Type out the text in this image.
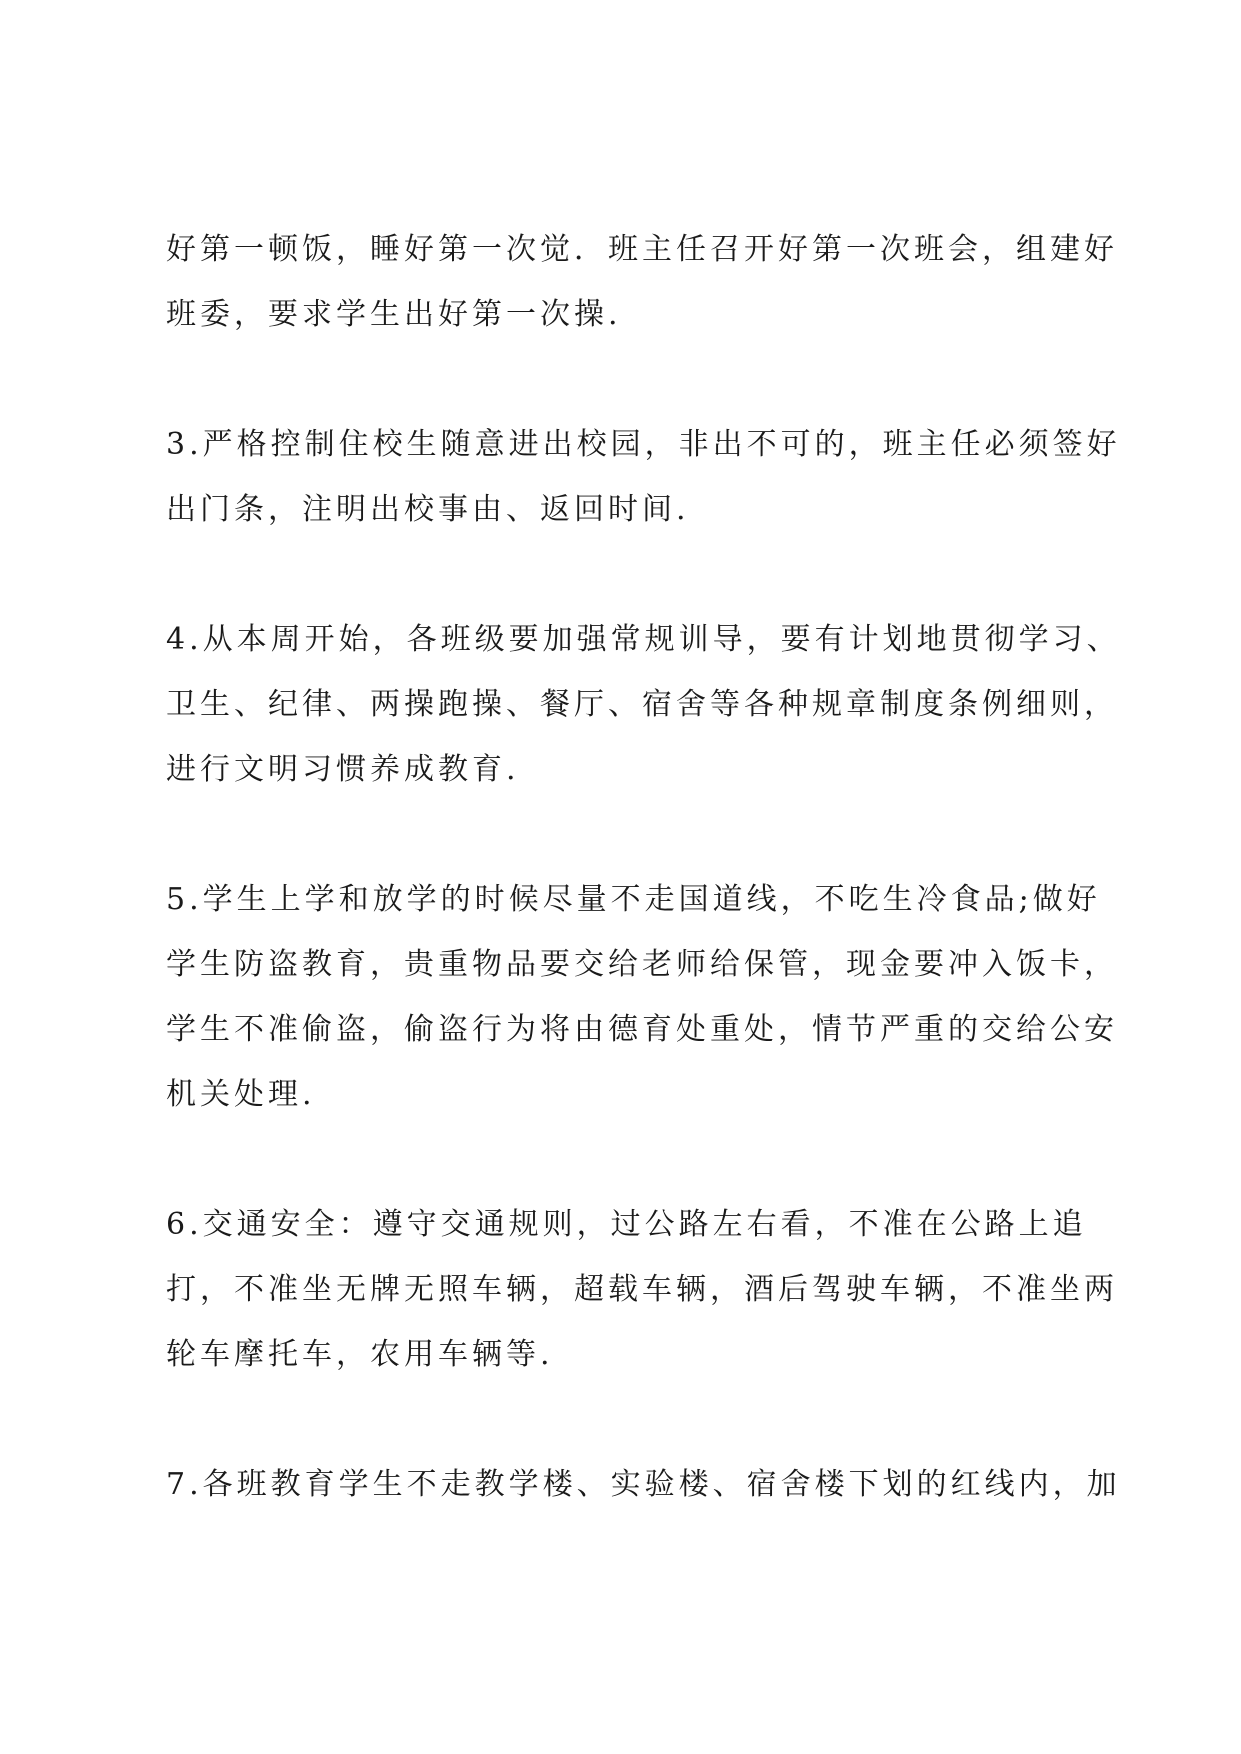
好第一顿饭，睡好第一次觉．班主任召开好第一次班会，组建好
班委，要求学生出好第一次操.
3.严格控制住校生随意进出校园，非出不可的，班主任必须签好
出门条，注明出校事由、返回时间.
4.从本周开始，各班级要加强常规训导，要有计划地贯彻学习、
卫生、纪律、两操跑操、餐厅、宿舍等各种规章制度条例细则，
进行文明习惯养成教育.
5.学生上学和放学的时候尽量不走国道线，不吃生冷食品;做好
学生防盗教育，贵重物品要交给老师给保管，现金要冲入饭卡，
学生不准偷盗，偷盗行为将由德育处重处，情节严重的交给公安
机关处理.
6.交通安全：遵守交通规则，过公路左右看，不准在公路上追
打，不准坐无牌无照车辆，超载车辆，酒后驾驶车辆，不准坐两
轮车摩托车，农用车辆等.
7.各班教育学生不走教学楼、实验楼、宿舍楼下划的红线内，加
